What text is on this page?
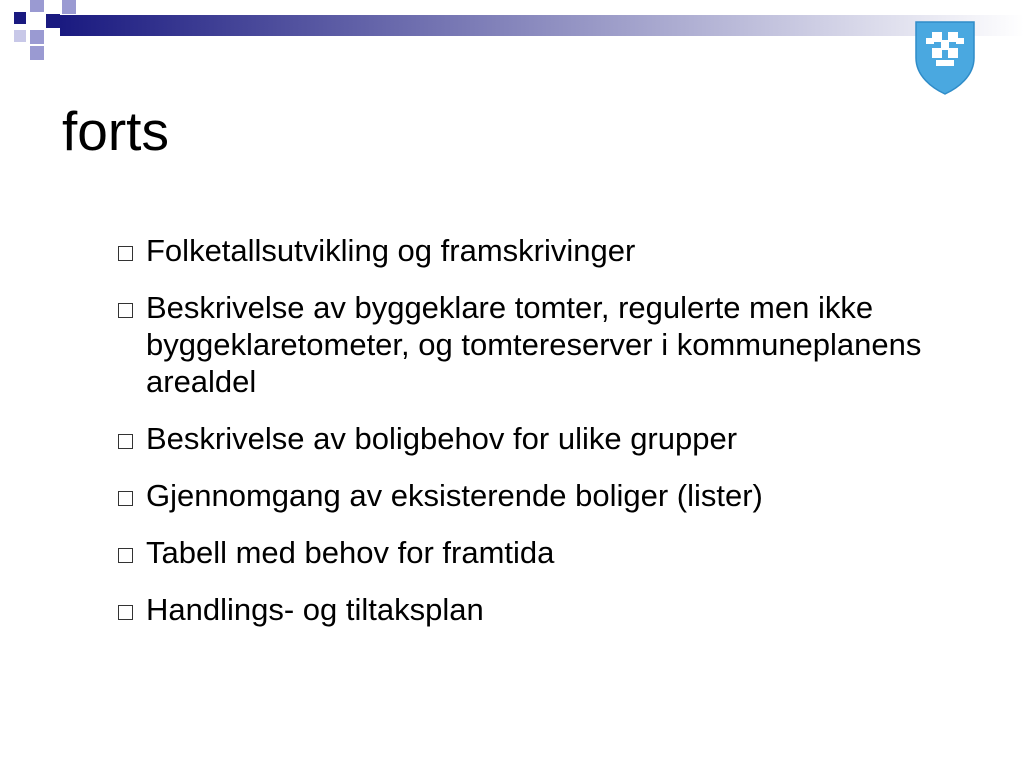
forts
Folketallsutvikling og framskrivinger
Beskrivelse av byggeklare tomter, regulerte men ikke byggeklaretometer, og tomtereserver i kommuneplanens arealdel
Beskrivelse av boligbehov for ulike grupper
Gjennomgang av eksisterende boliger (lister)
Tabell med behov for framtida
Handlings- og tiltaksplan
